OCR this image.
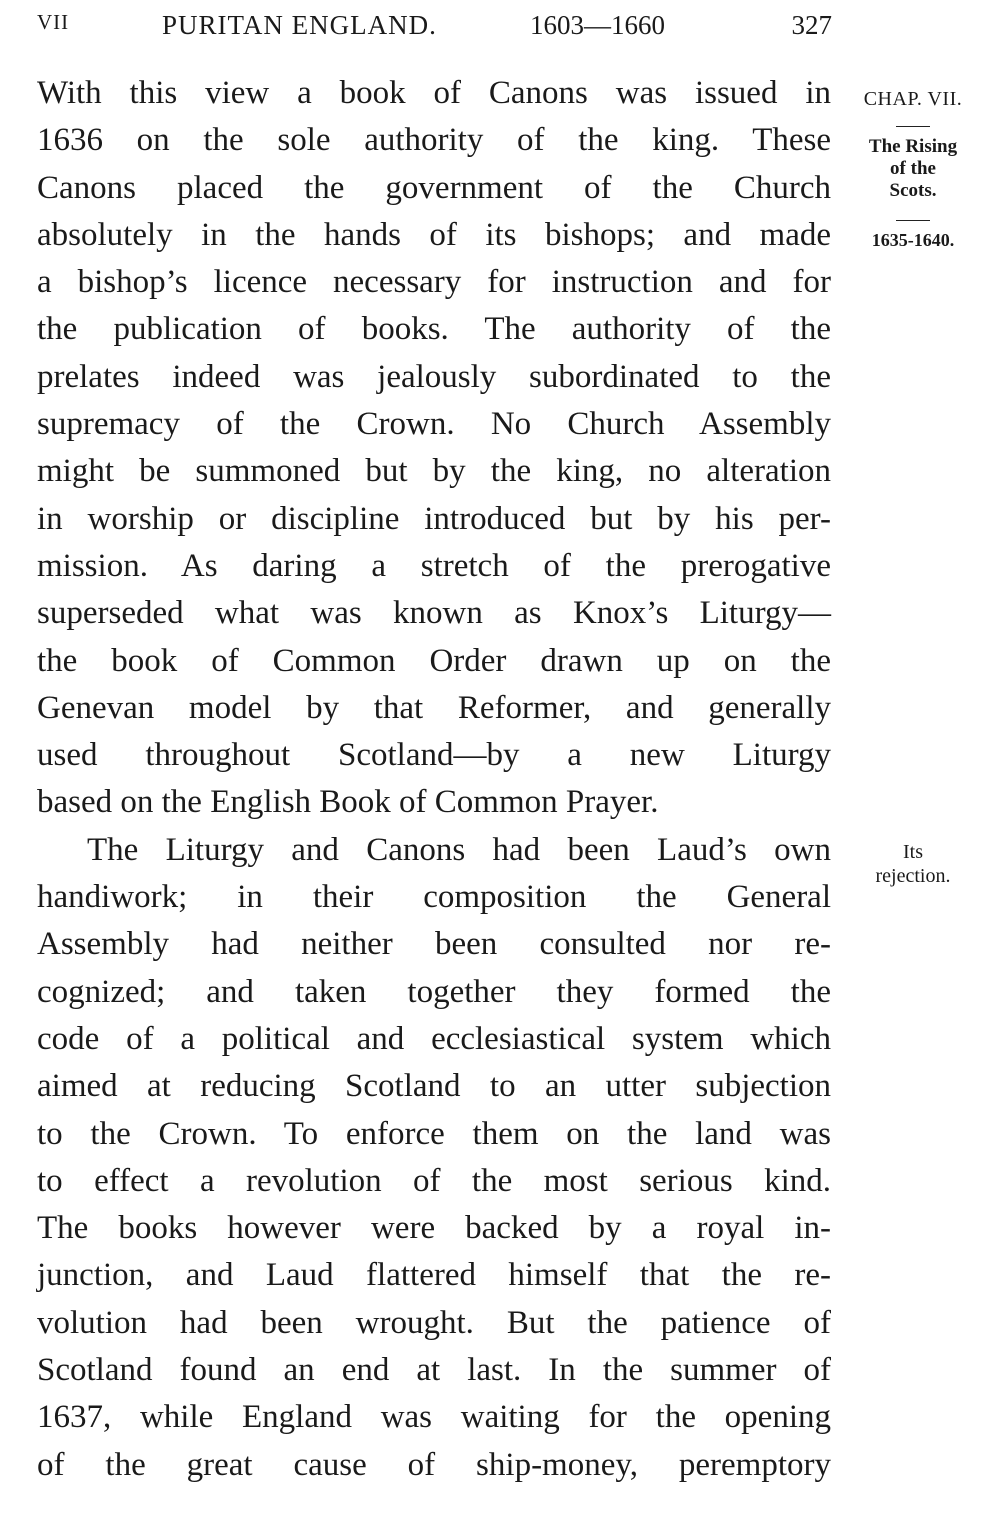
VII	PURITAN ENGLAND.	1603—1660	327
With this view a book of Canons was issued in
1636 on the sole authority of the king. These
Canons placed the government of the Church
absolutely in the hands of its bishops; and made
a bishop’s licence necessary for instruction and for
the publication of books. The authority of the
prelates indeed was jealously subordinated to the
supremacy of the Crown. No Church Assembly
might be summoned but by the king, no alteration
in worship or discipline introduced but by his per-
mission. As daring a stretch of the prerogative
superseded what was known as Knox’s Liturgy—
the book of Common Order drawn up on the
Genevan model by that Reformer, and generally
used throughout Scotland—by a new Liturgy
based on the English Book of Common Prayer.
The Liturgy and Canons had been Laud’s own
handiwork; in their composition the General
Assembly had neither been consulted nor re-
cognized; and taken together they formed the
code of a political and ecclesiastical system which
aimed at reducing Scotland to an utter subjection
to the Crown. To enforce them on the land was
to effect a revolution of the most serious kind.
The books however were backed by a royal in-
junction, and Laud flattered himself that the re-
volution had been wrought. But the patience of
Scotland found an end at last. In the summer of
1637, while England was waiting for the opening
of the great cause of ship-money, peremptory
CHAP. VII.
The Rising
of the
Scots.
1635-1640.
Its
rejection.
